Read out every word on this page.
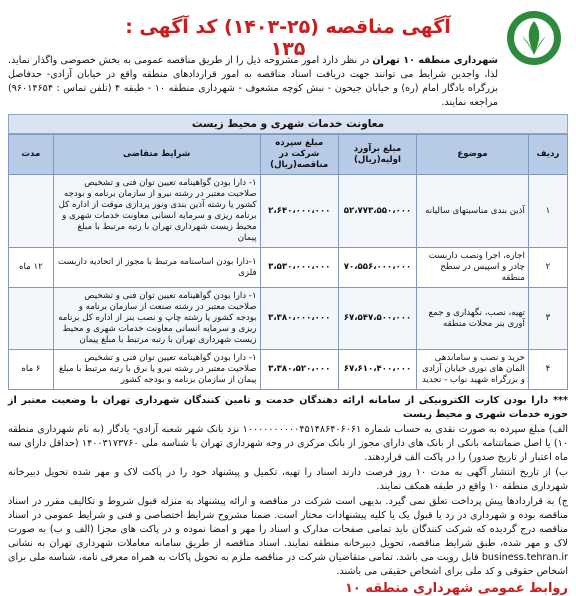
آگهی مناقصه (۲۵-۱۴۰۳) کد آگهی : ۱۳۵

شهرداری منطقه ۱۰ تهران در نظر دارد امور مشروحه ذیل را از طریق مناقصه عمومی به بخش خصوصی واگذار نماید. لذا، واجدین شرایط می توانند جهت دریافت اسناد مناقصه به امور قراردادهای منطقه واقع در خیابان آزادی- حدفاصل بزرگراه یادگار امام (ره) و خیابان جیحون - نبش کوچه مشعوف - شهرداری منطقه ۱۰ - طبقه ۴ (تلفن تماس : ۹۶۰۱۴۶۵۴) مراجعه نمایند.

معاونت خدمات شهری و محیط زیست
ردیف	موضوع	مبلغ برآورد اولیه(ریال)	مبلغ سپرده شرکت در مناقصه(ریال)	شرایط متقاضی	مدت
۱	آذین بندی مناسبتهای سالیانه	۵۲،۷۷۳،۵۵۰،۰۰۰	۲،۶۴۰،۰۰۰،۰۰۰	۱- دارا بودن گواهینامه تعیین توان فنی و تشخیص صلاحیت معتبر در رشته نیرو از سازمان برنامه و بودجه کشور یا رشته آذین بندی ونور پردازی موقت از اداره کل برنامه ریزی و سرمایه انسانی معاونت خدمات شهری و محیط زیست شهرداری تهران با رتبه مرتبط با مبلغ پیمان	
۲	اجاره، اجرا ونصب داربست چادر و اسپیس در سطح منطقه	۷۰،۵۵۶،۰۰۰،۰۰۰	۳،۵۳۰،۰۰۰،۰۰۰	۱-دارا بودن اساسنامه مرتبط با مجوز از اتحادیه داربست فلزی	۱۲ ماه
۳	تهیه، نصب، نگهداری و جمع آوری بنر محلات منطقه	۶۷،۵۴۷،۵۰۰،۰۰۰	۳،۳۸۰،۰۰۰،۰۰۰	۱- دارا بودن گواهینامه تعیین توان فنی و تشخیص صلاحیت معتبر در رشته صنعت از سازمان برنامه و بودجه کشور یا رشته چاپ و نصب بنر از اداره کل برنامه ریزی و سرمایه انسانی معاونت خدمات شهری و محیط زیست شهرداری تهران با رتبه مرتبط با مبلغ پیمان	
۴	خرید و نصب و ساماندهی المان های نوری خیابان آزادی و بزرگراه شهید نواب - تجدید	۶۷،۶۱۰،۴۰۰،۰۰۰	۳،۳۸۰،۵۲۰،۰۰۰	۱- دارا بودن گواهینامه تعیین توان فنی و تشخیص صلاحیت معتبر در رشته نیرو یا برق با رتبه مرتبط با مبلغ پیمان از سازمان برنامه و بودجه کشور	۶ ماه

*** دارا بودن کارت الکترونیکی از سامانه ارائه دهندگان خدمت و تامین کنندگان شهرداری تهران با وضعیت معتبر از حوزه خدمات شهری و محیط زیست

الف) مبلغ سپرده به صورت نقدی به حساب شماره ۱۰۰۰۰۰۰۰۰۰۰۴۵۱۴۸۶۴۰۶۰۶۱ نزد بانک شهر شعبه آزادی- یادگار (به نام شهرداری منطقه ۱۰) یا اصل ضمانتنامه بانکی از بانک های دارای مجوز از بانک مرکزی در وجه شهرداری تهران با شناسه ملی ۱۴۰۰۳۱۷۳۷۶۰ (حداقل دارای سه ماه اعتبار از تاریخ صدور) را در پاکت الف قراردهند.

ب) از تاریخ انتشار آگهی به مدت ۱۰ روز فرصت دارند اسناد را تهیه، تکمیل و پیشنهاد خود را در پاکت لاک و مهر شده تحویل دبیرخانه شهرداری منطقه ۱۰ واقع در طبقه همکف نمایند.

ج) به قراردادها پیش پرداخت تعلق نمی گیرد. بدیهی است شرکت در مناقصه و ارائه پیشنهاد به منزله قبول شروط و تکالیف مقرر در اسناد مناقصه بوده و شهرداری در رد یا قبول یک یا کلیه پیشنهادات مختار است. ضمنا مشروح شرایط اختصاصی و فنی و شرایط عمومی در اسناد مناقصه درج گردیده که شرکت کنندگان باید تمامی صفحات مدارک و اسناد را مهر و امضا نموده و در پاکت های مجزا (الف و ب) به صورت لاک و مهر شده، طبق شرایط مناقصه، تحویل دبیرخانه منطقه نمایند. اسناد مناقصه از طریق سامانه معاملات شهرداری تهران به نشانی business.tehran.ir قابل رویت می باشد. تمامی متقاضیان شرکت در مناقصه ملزم به تحویل پاکات به همراه معرفی نامه، شناسه ملی برای اشخاص حقوقی و کد ملی برای اشخاص حقیقی می باشند.

روابط عمومی شهرداری منطقه ۱۰
